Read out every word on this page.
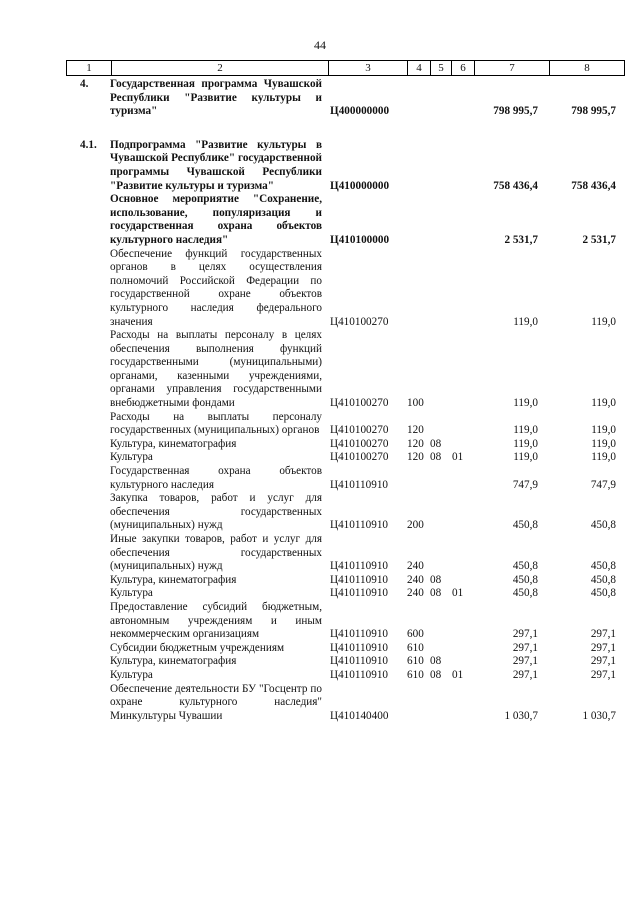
44
1	2	3	4	5	6	7	8
4.	Государственная программа Чувашской Республики "Развитие культуры и туризма"	Ц400000000				798 995,7	798 995,7

4.1.	Подпрограмма "Развитие культуры в Чувашской Республике" государственной программы Чувашской Республики "Развитие культуры и туризма"	Ц410000000				758 436,4	758 436,4
	Основное мероприятие "Сохранение, использование, популяризация и государственная охрана объектов культурного наследия"	Ц410100000				2 531,7	2 531,7
	Обеспечение функций государственных органов в целях осуществления полномочий Российской Федерации по государственной охране объектов культурного наследия федерального значения	Ц410100270				119,0	119,0
	Расходы на выплаты персоналу в целях обеспечения выполнения функций государственными (муниципальными) органами, казенными учреждениями, органами управления государственными внебюджетными фондами	Ц410100270	100			119,0	119,0
	Расходы на выплаты персоналу государственных (муниципальных) органов	Ц410100270	120			119,0	119,0
	Культура, кинематография	Ц410100270	120	08		119,0	119,0
	Культура	Ц410100270	120	08	01	119,0	119,0
	Государственная охрана объектов культурного наследия	Ц410110910				747,9	747,9
	Закупка товаров, работ и услуг для обеспечения государственных (муниципальных) нужд	Ц410110910	200			450,8	450,8
	Иные закупки товаров, работ и услуг для обеспечения государственных (муниципальных) нужд	Ц410110910	240			450,8	450,8
	Культура, кинематография	Ц410110910	240	08		450,8	450,8
	Культура	Ц410110910	240	08	01	450,8	450,8
	Предоставление субсидий бюджетным, автономным учреждениям и иным некоммерческим организациям	Ц410110910	600			297,1	297,1
	Субсидии бюджетным учреждениям	Ц410110910	610			297,1	297,1
	Культура, кинематография	Ц410110910	610	08		297,1	297,1
	Культура	Ц410110910	610	08	01	297,1	297,1
	Обеспечение деятельности БУ "Госцентр по охране культурного наследия" Минкультуры Чувашии	Ц410140400				1 030,7	1 030,7
